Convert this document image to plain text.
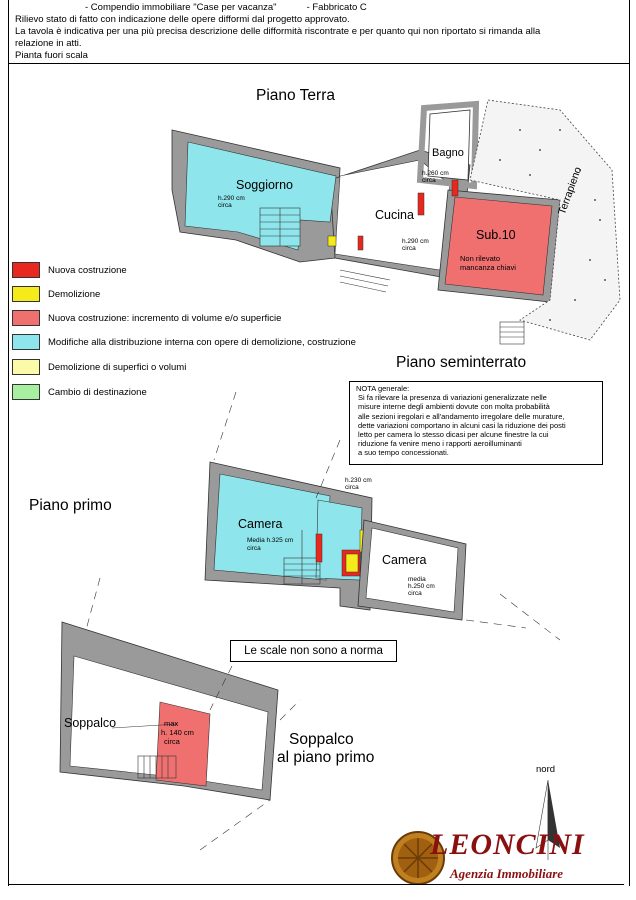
- Compendio immobiliare "Case per vacanza"	- Fabbricato C
Rilievo stato di fatto con indicazione delle opere difformi dal progetto approvato.
La tavola è indicativa per una più precisa descrizione delle difformità riscontrate e per quanto qui non riportato si rimanda alla
relazione in atti.
Pianta fuori scala
Piano Terra
Piano seminterrato
Piano primo
Soppalco
al piano primo
Soggiorno
h.290 cm
circa
Bagno
h.260 cm
circa
Cucina
h.290 cm
circa
Sub.10
Non rilevato
mancanza chiavi
Terrapieno
Camera
Media h.325 cm
circa
h.230 cm
circa
Camera
media
h.250 cm
circa
Soppalco	max
h. 140 cm
circa
Nuova costruzione
Demolizione
Nuova costruzione: incremento di volume e/o superficie
Modifiche alla distribuzione interna con opere di demolizione, costruzione
Demolizione di superfici o volumi
Cambio di destinazione	NOTA generale:
Si fa rilevare la presenza di variazioni generalizzate nelle
misure interne degli ambienti dovute con molta probabilità
alle sezioni iregolari e all'andamento irregolare delle murature,
dette variazioni comportano in alcuni casi la riduzione dei posti
letto per camera lo stesso dicasi per alcune finestre la cui
riduzione fa venire meno i rapporti aeroilluminanti
a suo tempo concessionati.
Le scale non sono a norma
nord
LEONCINI
Agenzia Immobiliare
